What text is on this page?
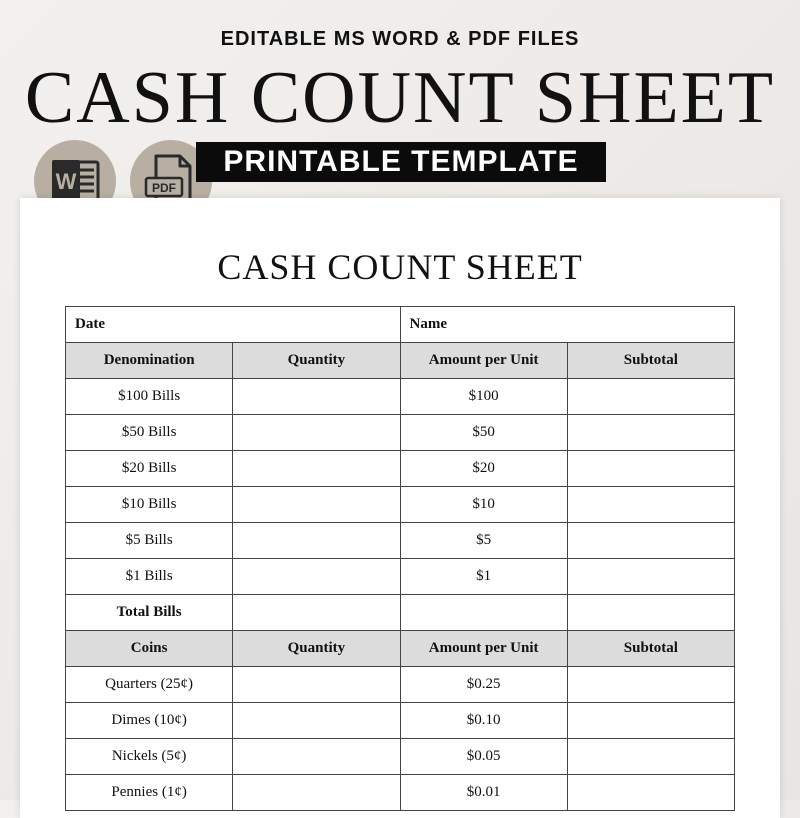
EDITABLE MS WORD & PDF FILES
CASH COUNT SHEET
W	PDF
PRINTABLE TEMPLATE
CASH COUNT SHEET
Date		Name	
Denomination	Quantity	Amount per Unit	Subtotal
$100 Bills		$100	
$50 Bills		$50	
$20 Bills		$20	
$10 Bills		$10	
$5 Bills		$5	
$1 Bills		$1	
Total Bills			
Coins	Quantity	Amount per Unit	Subtotal
Quarters (25¢)		$0.25	
Dimes (10¢)		$0.10	
Nickels (5¢)		$0.05	
Pennies (1¢)		$0.01	
